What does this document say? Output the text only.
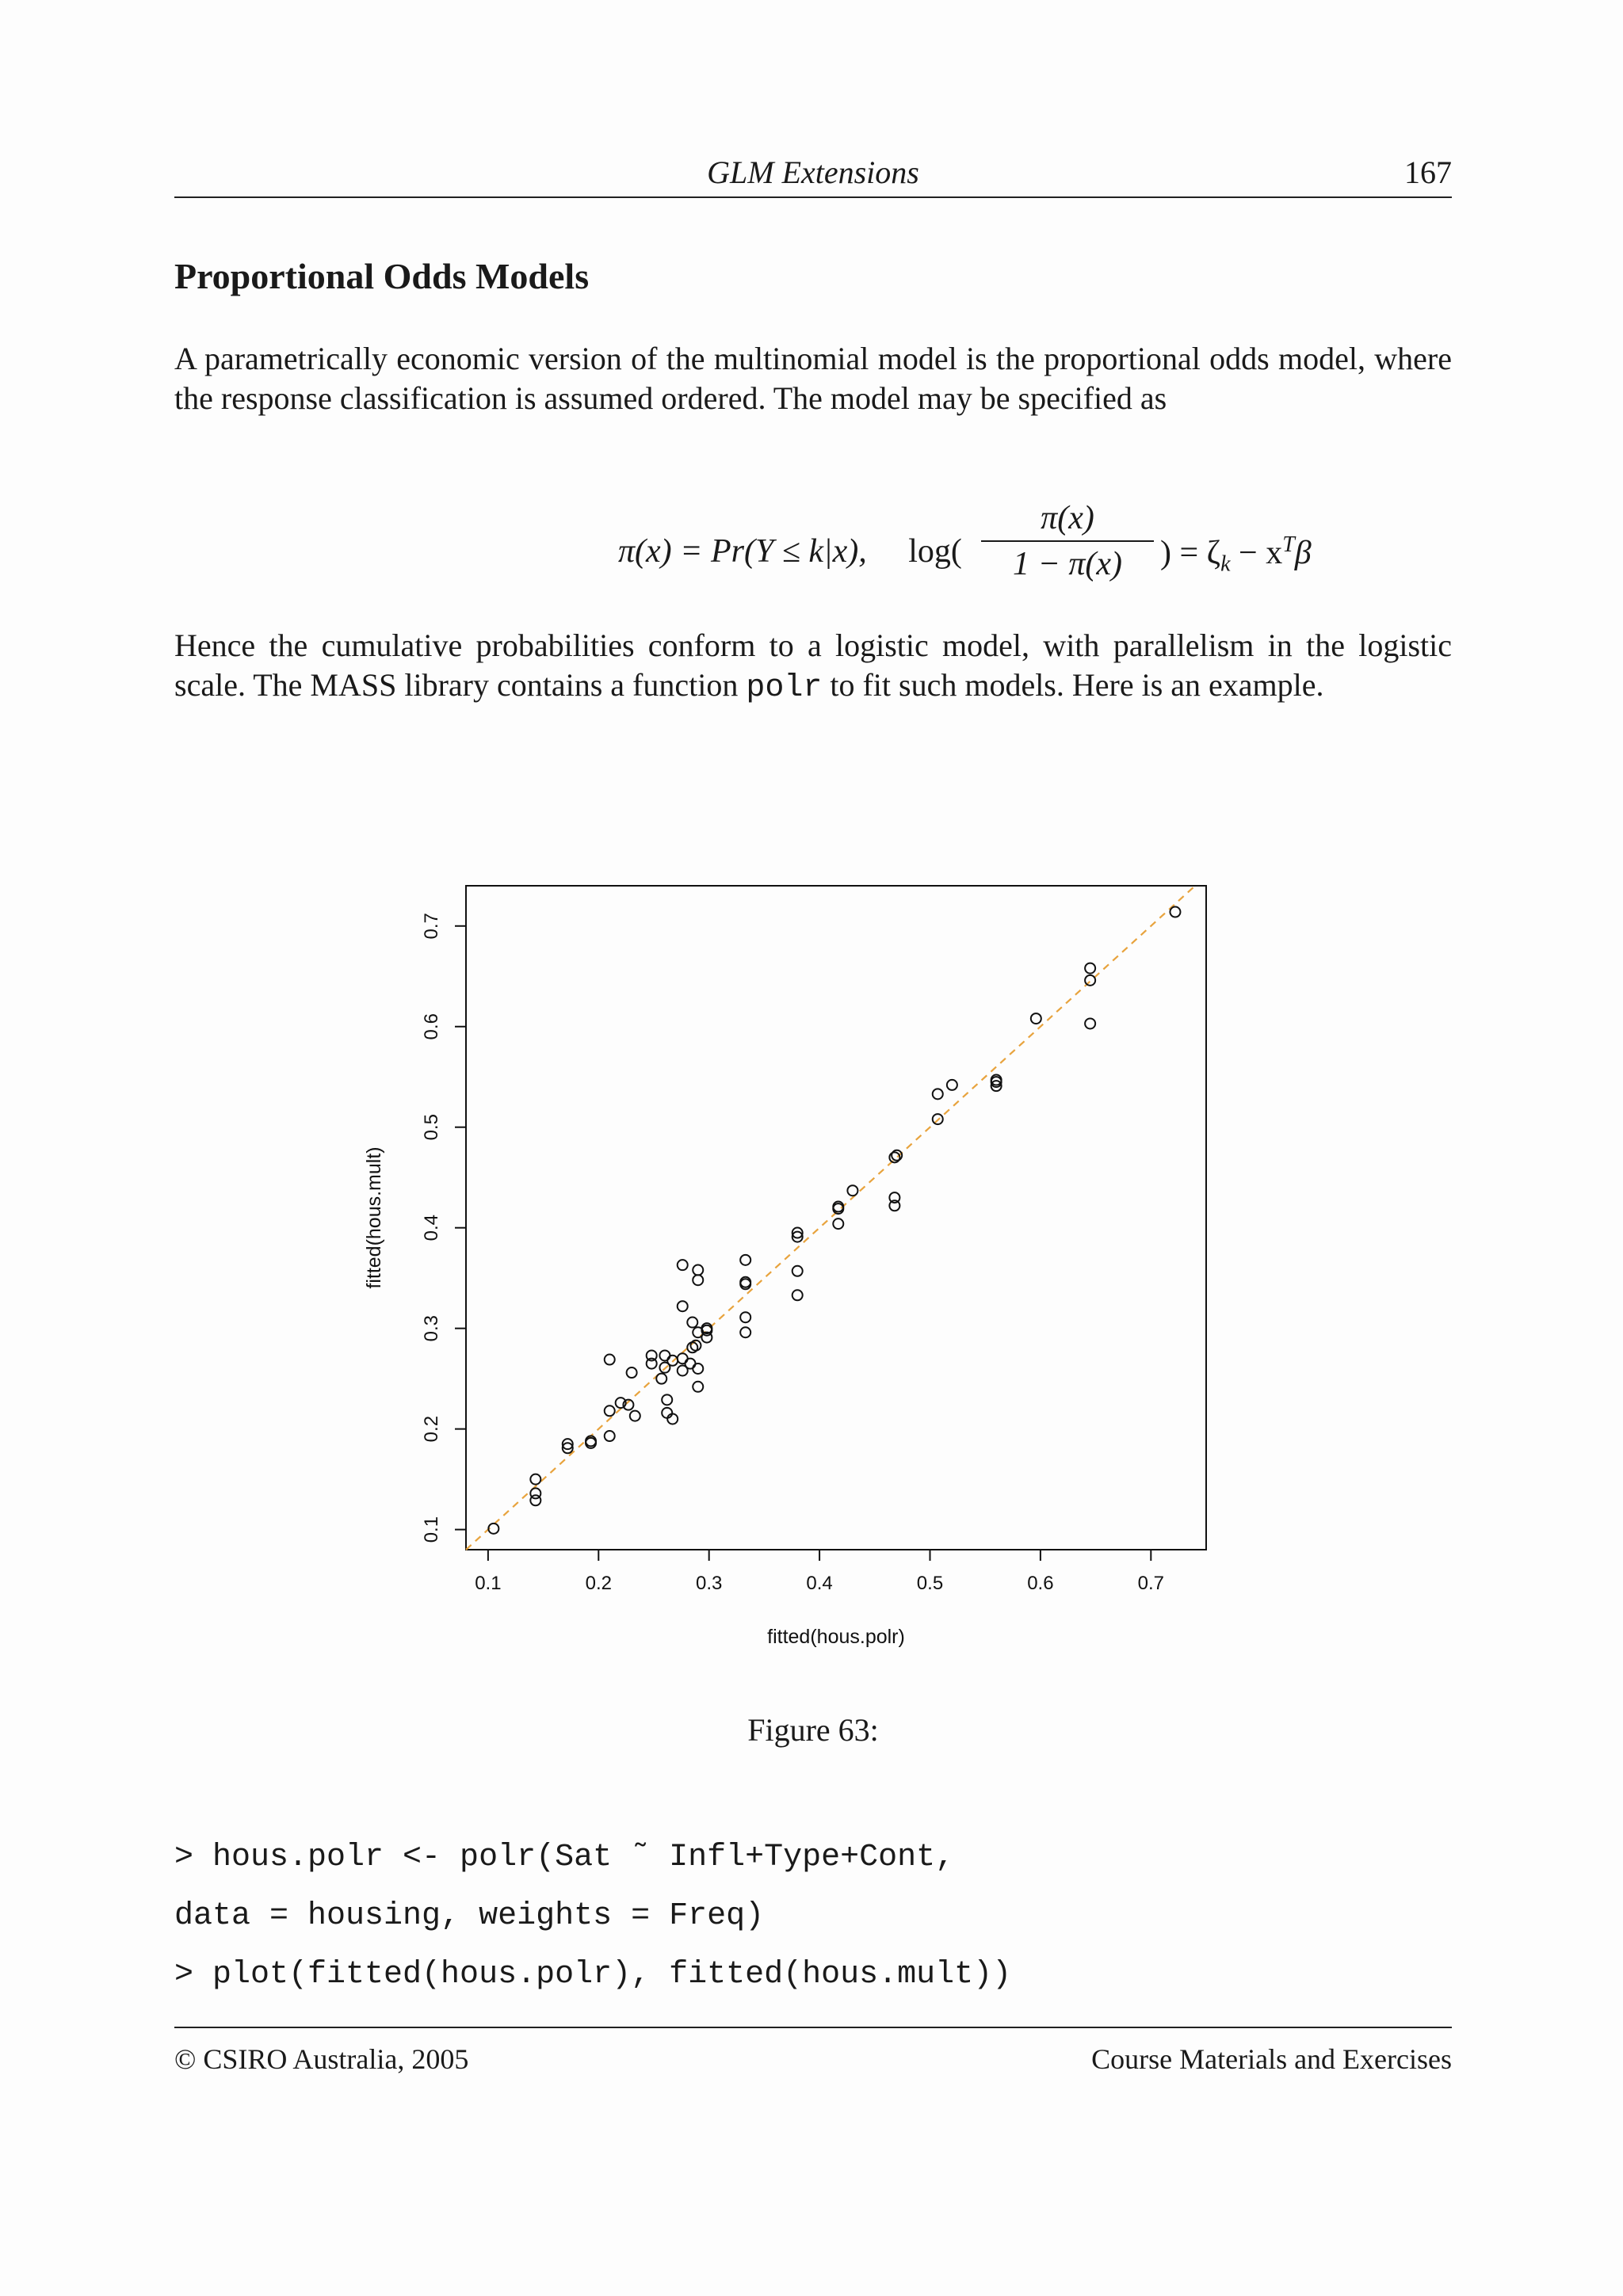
GLM Extensions	167
Proportional Odds Models
A parametrically economic version of the multinomial model is the proportional odds model, where the response classification is assumed ordered. The model may be specified as
π(x) = Pr(Y ≤ k|x),   log(
π(x)
1 − π(x)	) = $\zeta_k - x^T\beta$
Hence the cumulative probabilities conform to a logistic model, with parallelism in the logistic scale. The MASS library contains a function polr to fit such models. Here is an example.
0.1	0.2	0.3	0.4	0.5	0.6	0.7
0.1
0.2
0.3
0.4
0.5
0.6
0.7
fitted(hous.polr)
fitted(hous.mult)
Figure 63:
> hous.polr <- polr(Sat ˜ Infl+Type+Cont,
data = housing, weights = Freq)
> plot(fitted(hous.polr), fitted(hous.mult))
© CSIRO Australia, 2005	Course Materials and Exercises
